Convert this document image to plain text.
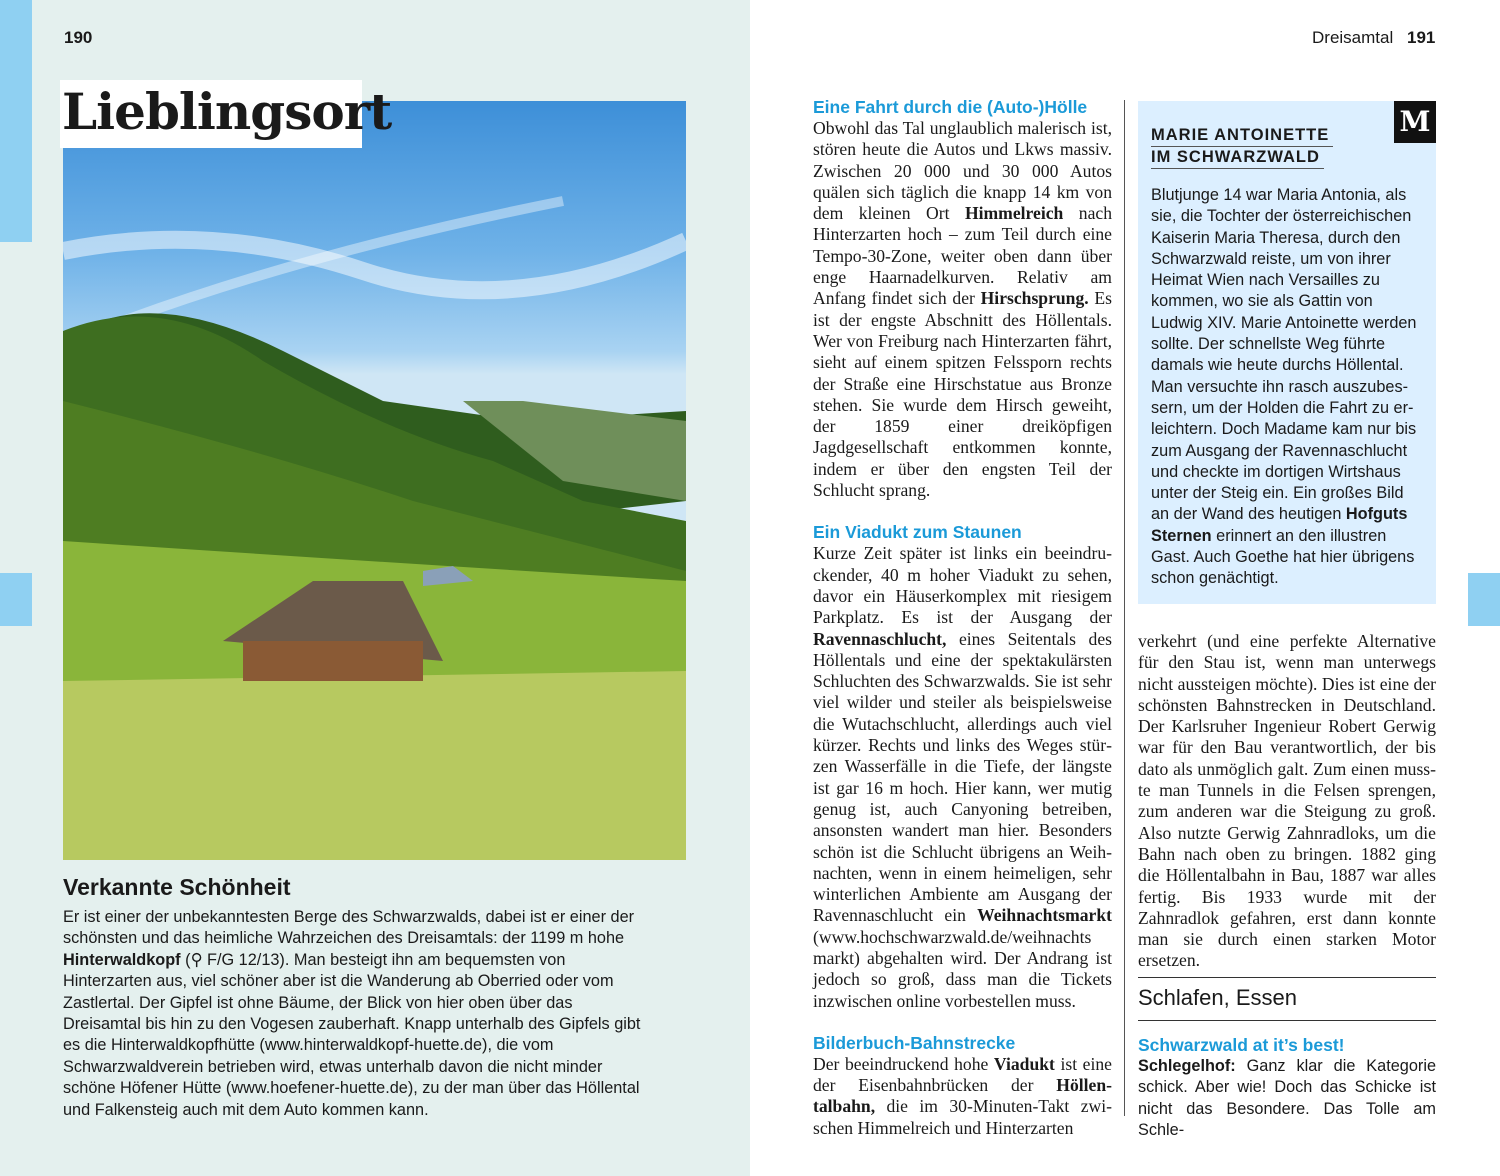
190
Lieblingsort
Verkannte Schönheit
Er ist einer der unbekanntesten Berge des Schwarzwalds, dabei ist er einer der schönsten und das heimliche Wahrzeichen des Dreisamtals: der 1199 m hohe Hinterwaldkopf (⚲ F/G 12/13). Man besteigt ihn am bequemsten von Hinterzarten aus, viel schöner aber ist die Wanderung ab Oberried oder vom Zastlertal. Der Gipfel ist ohne Bäume, der Blick von hier oben über das Dreisamtal bis hin zu den Vogesen zauberhaft. Knapp unterhalb des Gipfels gibt es die Hinterwaldkopfhütte (www.hinterwaldkopf-huette.de), die vom Schwarzwaldverein betrieben wird, etwas unterhalb davon die nicht minder schöne Höfener Hütte (www.hoefener-huette.de), zu der man über das Höllental und Falkensteig auch mit dem Auto kommen kann.
Dreisamtal 191
Eine Fahrt durch die (Auto-)Hölle

Obwohl das Tal unglaublich malerisch ist, stören heute die Autos und Lkws massiv. Zwischen 20 000 und 30 000 Autos quälen sich täglich die knapp 14 km von dem kleinen Ort Himmelreich nach Hinterzarten hoch – zum Teil durch eine Tempo-30-Zone, weiter oben dann über enge Haarnadelkurven. Relativ am Anfang findet sich der Hirschsprung. Es ist der engste Abschnitt des Höllentals. Wer von Freiburg nach Hinterzarten fährt, sieht auf einem spitzen Felssporn rechts der Straße eine Hirschstatue aus Bronze stehen. Sie wurde dem Hirsch geweiht, der 1859 einer dreiköpfigen Jagdgesellschaft entkommen konnte, indem er über den engsten Teil der Schlucht sprang.

Ein Viadukt zum Staunen

Kurze Zeit später ist links ein beeindruckender, 40 m hoher Viadukt zu sehen, davor ein Häuserkomplex mit riesigem Parkplatz. Es ist der Ausgang der Ravennaschlucht, eines Seitentals des Höllentals und eine der spektakulärsten Schluchten des Schwarzwalds. Sie ist sehr viel wilder und steiler als beispielsweise die Wutachschlucht, allerdings auch viel kürzer. Rechts und links des Weges stürzen Wasserfälle in die Tiefe, der längste ist gar 16 m hoch. Hier kann, wer mutig genug ist, auch Canyoning betreiben, ansonsten wandert man hier. Besonders schön ist die Schlucht übrigens an Weihnachten, wenn in einem heimeligen, sehr winterlichen Ambiente am Ausgang der Ravennaschlucht ein Weihnachtsmarkt (www.hochschwarzwald.de/weihnachts markt) abgehalten wird. Der Andrang ist jedoch so groß, dass man die Tickets inzwischen online vorbestellen muss.

Bilderbuch-Bahnstrecke

Der beeindruckend hohe Viadukt ist eine der Eisenbahnbrücken der Höllentalbahn, die im 30-Minuten-Takt zwischen Himmelreich und Hinterzarten

M
MARIE ANTOINETTE
IM SCHWARZWALD
Blutjunge 14 war Maria Antonia, als sie, die Tochter der österreichischen Kaiserin Maria Theresa, durch den Schwarzwald reiste, um von ihrer Heimat Wien nach Versailles zu kommen, wo sie als Gattin von Ludwig XIV. Marie Antoinette werden sollte. Der schnellste Weg führte damals wie heute durchs Höllental. Man versuchte ihn rasch auszubessern, um der Holden die Fahrt zu erleichtern. Doch Madame kam nur bis zum Ausgang der Ravennaschlucht und checkte im dortigen Wirtshaus unter der Steig ein. Ein großes Bild an der Wand des heutigen Hofguts Sternen erinnert an den illustren Gast. Auch Goethe hat hier übrigens schon genächtigt.
verkehrt (und eine perfekte Alternative für den Stau ist, wenn man unterwegs nicht aussteigen möchte). Dies ist eine der schönsten Bahnstrecken in Deutschland. Der Karlsruher Ingenieur Robert Gerwig war für den Bau verantwortlich, der bis dato als unmöglich galt. Zum einen musste man Tunnels in die Felsen sprengen, zum anderen war die Steigung zu groß. Also nutzte Gerwig Zahnradloks, um die Bahn nach oben zu bringen. 1882 ging die Höllentalbahn in Bau, 1887 war alles fertig. Bis 1933 wurde mit der Zahnradlok gefahren, erst dann konnte man sie durch einen starken Motor ersetzen.
Schlafen, Essen
Schwarzwald at it’s best!
Schlegelhof: Ganz klar die Kategorie schick. Aber wie! Doch das Schicke ist nicht das Besondere. Das Tolle am Schle-
